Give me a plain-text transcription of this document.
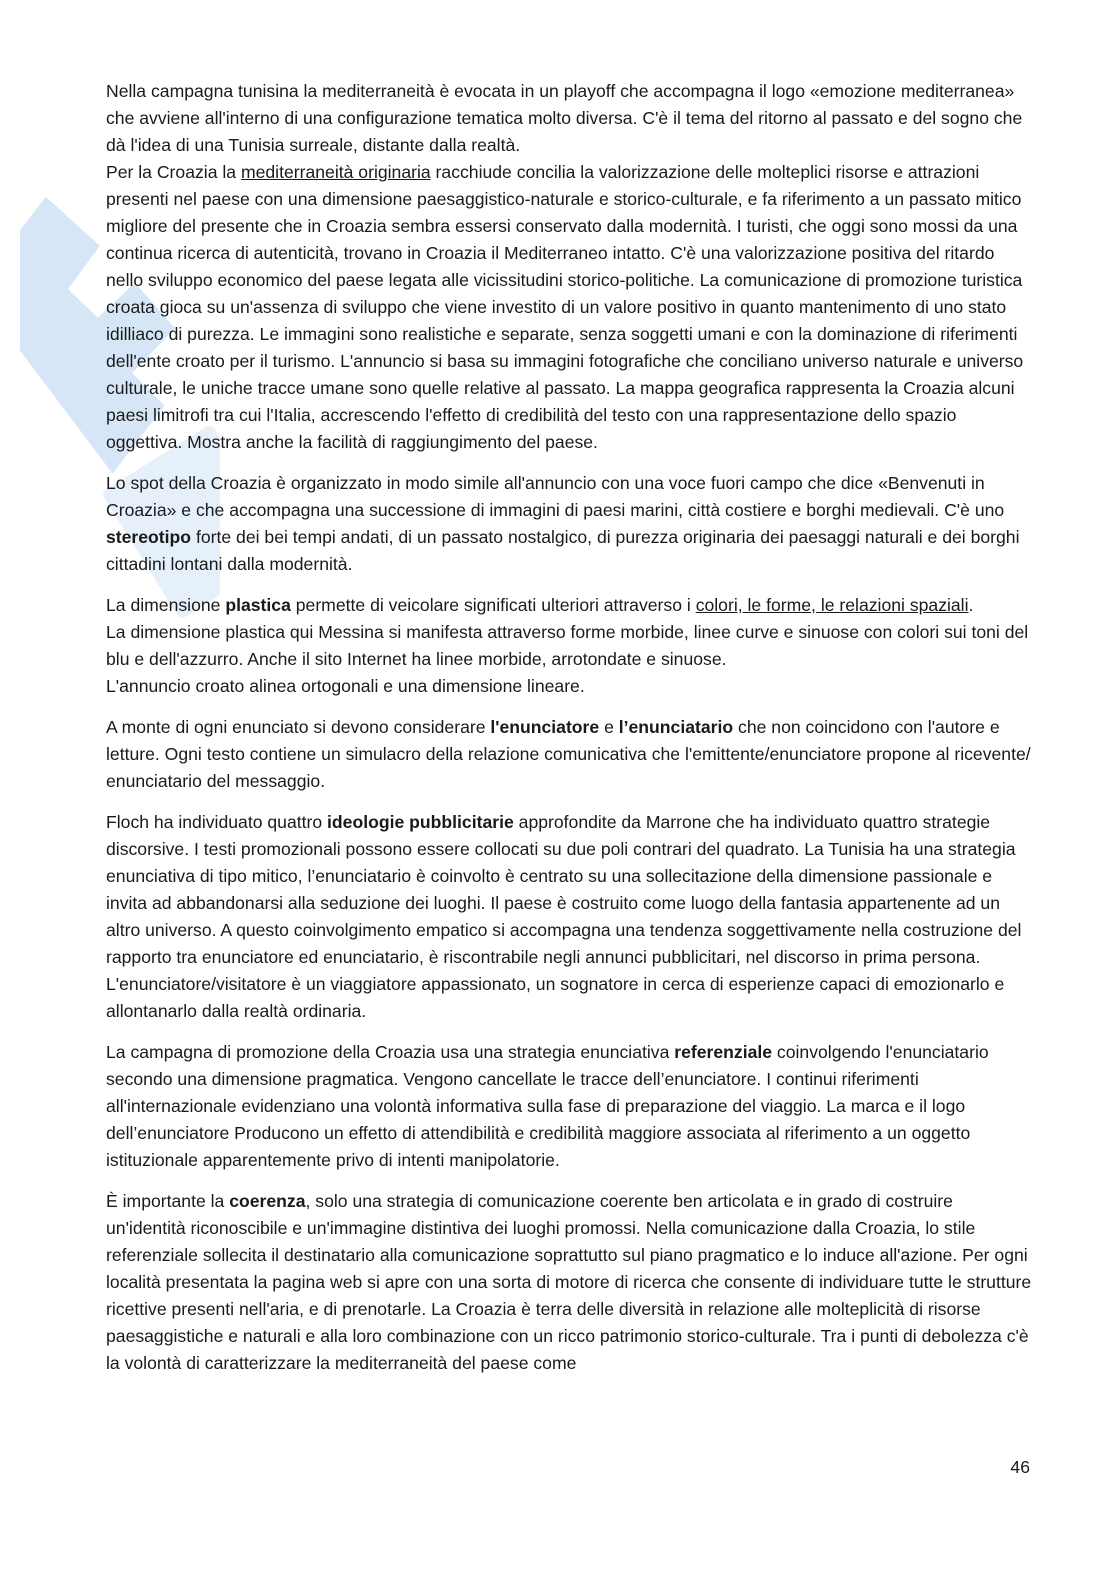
Nella campagna tunisina la mediterraneità è evocata in un playoff che accompagna il logo «emozione mediterranea» che avviene all'interno di una configurazione tematica molto diversa. C'è il tema del ritorno al passato e del sogno che dà l'idea di una Tunisia surreale, distante dalla realtà.

Per la Croazia la mediterraneità originaria racchiude concilia la valorizzazione delle molteplici risorse e attrazioni presenti nel paese con una dimensione paesaggistico-naturale e storico-culturale, e fa riferimento a un passato mitico migliore del presente che in Croazia sembra essersi conservato dalla modernità. I turisti, che oggi sono mossi da una continua ricerca di autenticità, trovano in Croazia il Mediterraneo intatto. C'è una valorizzazione positiva del ritardo nello sviluppo economico del paese legata alle vicissitudini storico-politiche. La comunicazione di promozione turistica croata gioca su un'assenza di sviluppo che viene investito di un valore positivo in quanto mantenimento di uno stato idilliaco di purezza. Le immagini sono realistiche e separate, senza soggetti umani e con la dominazione di riferimenti dell'ente croato per il turismo. L'annuncio si basa su immagini fotografiche che conciliano universo naturale e universo culturale, le uniche tracce umane sono quelle relative al passato. La mappa geografica rappresenta la Croazia alcuni paesi limitrofi tra cui l'Italia, accrescendo l'effetto di credibilità del testo con una rappresentazione dello spazio oggettiva. Mostra anche la facilità di raggiungimento del paese.

Lo spot della Croazia è organizzato in modo simile all'annuncio con una voce fuori campo che dice «Benvenuti in Croazia» e che accompagna una successione di immagini di paesi marini, città costiere e borghi medievali. C'è uno stereotipo forte dei bei tempi andati, di un passato nostalgico, di purezza originaria dei paesaggi naturali e dei borghi cittadini lontani dalla modernità.

La dimensione plastica permette di veicolare significati ulteriori attraverso i colori, le forme, le relazioni spaziali.

La dimensione plastica qui Messina si manifesta attraverso forme morbide, linee curve e sinuose con colori sui toni del blu e dell'azzurro. Anche il sito Internet ha linee morbide, arrotondate e sinuose.

L'annuncio croato alinea ortogonali e una dimensione lineare.

A monte di ogni enunciato si devono considerare l'enunciatore e l’enunciatario che non coincidono con l'autore e letture. Ogni testo contiene un simulacro della relazione comunicativa che l'emittente/enunciatore propone al ricevente/ enunciatario del messaggio.

Floch ha individuato quattro ideologie pubblicitarie approfondite da Marrone che ha individuato quattro strategie discorsive. I testi promozionali possono essere collocati su due poli contrari del quadrato. La Tunisia ha una strategia enunciativa di tipo mitico, l’enunciatario è coinvolto è centrato su una sollecitazione della dimensione passionale e invita ad abbandonarsi alla seduzione dei luoghi. Il paese è costruito come luogo della fantasia appartenente ad un altro universo. A questo coinvolgimento empatico si accompagna una tendenza soggettivamente nella costruzione del rapporto tra enunciatore ed enunciatario, è riscontrabile negli annunci pubblicitari, nel discorso in prima persona. L'enunciatore/visitatore è un viaggiatore appassionato, un sognatore in cerca di esperienze capaci di emozionarlo e allontanarlo dalla realtà ordinaria.

La campagna di promozione della Croazia usa una strategia enunciativa referenziale coinvolgendo l'enunciatario secondo una dimensione pragmatica. Vengono cancellate le tracce dell’enunciatore. I continui riferimenti all'internazionale evidenziano una volontà informativa sulla fase di preparazione del viaggio. La marca e il logo dell’enunciatore Producono un effetto di attendibilità e credibilità maggiore associata al riferimento a un oggetto istituzionale apparentemente privo di intenti manipolatorie.

È importante la coerenza, solo una strategia di comunicazione coerente ben articolata e in grado di costruire un'identità riconoscibile e un'immagine distintiva dei luoghi promossi. Nella comunicazione dalla Croazia, lo stile referenziale sollecita il destinatario alla comunicazione soprattutto sul piano pragmatico e lo induce all'azione. Per ogni località presentata la pagina web si apre con una sorta di motore di ricerca che consente di individuare tutte le strutture ricettive presenti nell'aria, e di prenotarle. La Croazia è terra delle diversità in relazione alle molteplicità di risorse paesaggistiche e naturali e alla loro combinazione con un ricco patrimonio storico-culturale. Tra i punti di debolezza c'è la volontà di caratterizzare la mediterraneità del paese come

46
